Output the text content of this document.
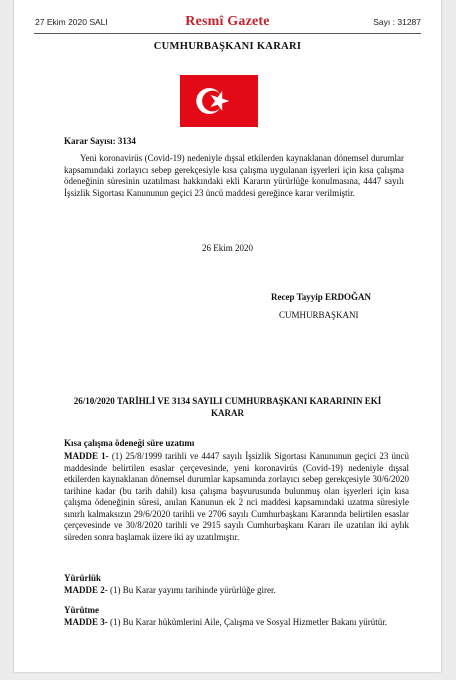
27 Ekim 2020 SALI	Resmî Gazete	Sayı : 31287
CUMHURBAŞKANI KARARI
Karar Sayısı: 3134

Yeni koronavirüs (Covid-19) nedeniyle dışsal etkilerden kaynaklanan dönemsel durumlar kapsamındaki zorlayıcı sebep gerekçesiyle kısa çalışma uygulanan işyerleri için kısa çalışma ödeneğinin süresinin uzatılması hakkındaki ekli Kararın yürürlüğe konulmasına, 4447 sayılı İşsizlik Sigortası Kanununun geçici 23 üncü maddesi gereğince karar verilmiştir.

26 Ekim 2020
Recep Tayyip ERDOĞAN
CUMHURBAŞKANI
26/10/2020 TARİHLİ VE 3134 SAYILI CUMHURBAŞKANI KARARININ EKİ
KARAR
Kısa çalışma ödeneği süre uzatımı

MADDE 1- (1) 25/8/1999 tarihli ve 4447 sayılı İşsizlik Sigortası Kanununun geçici 23 üncü maddesinde belirtilen esaslar çerçevesinde, yeni koronavirüs (Covid-19) nedeniyle dışsal etkilerden kaynaklanan dönemsel durumlar kapsamında zorlayıcı sebep gerekçesiyle 30/6/2020 tarihine kadar (bu tarih dahil) kısa çalışma başvurusunda bulunmuş olan işyerleri için kısa çalışma ödeneğinin süresi, anılan Kanunun ek 2 nci maddesi kapsamındaki uzatma süresiyle sınırlı kalmaksızın 29/6/2020 tarihli ve 2706 sayılı Cumhurbaşkanı Kararında belirtilen esaslar çerçevesinde ve 30/8/2020 tarihli ve 2915 sayılı Cumhurbaşkanı Kararı ile uzatılan iki aylık süreden sonra başlamak üzere iki ay uzatılmıştır.

Yürürlük
MADDE 2- (1) Bu Karar yayımı tarihinde yürürlüğe girer.
Yürütme
MADDE 3- (1) Bu Karar hükümlerini Aile, Çalışma ve Sosyal Hizmetler Bakanı yürütür.
